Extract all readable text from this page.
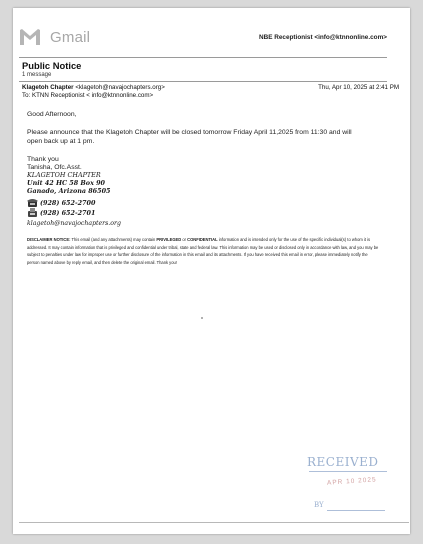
Gmail	NBE Receptionist <info@ktnnonline.com>
Public Notice
1 message
Klagetoh Chapter <klagetoh@navajochapters.org>
To: KTNN Receptionist < info@ktnnonline.com>
Thu, Apr 10, 2025 at 2:41 PM
Good Afternoon,
Please announce that the Klagetoh Chapter will be closed tomorrow Friday April 11,2025 from 11:30 and will open back up at 1 pm.
Thank you
Tanisha, Ofc.Asst.
KLAGETOH CHAPTER
Unit 42 HC 58 Box 90
Ganado, Arizona 86505
(928) 652-2700
(928) 652-2701
klagetoh@navajochapters.org
DISCLAIMER NOTICE: This email (and any attachments) may contain PRIVILEGED or CONFIDENTIAL information and is intended only for the use of the specific individual(s) to whom it is addressed. It may contain information that is privileged and confidential under tribal, state and federal law. This information may be used or disclosed only in accordance with law, and you may be subject to penalties under law for improper use or further disclosure of the information in this email and its attachments. If you have received this email in error, please immediately notify the person named above by reply email, and then delete the original email. Thank you!
RECEIVED
APR 10 2025
BY
